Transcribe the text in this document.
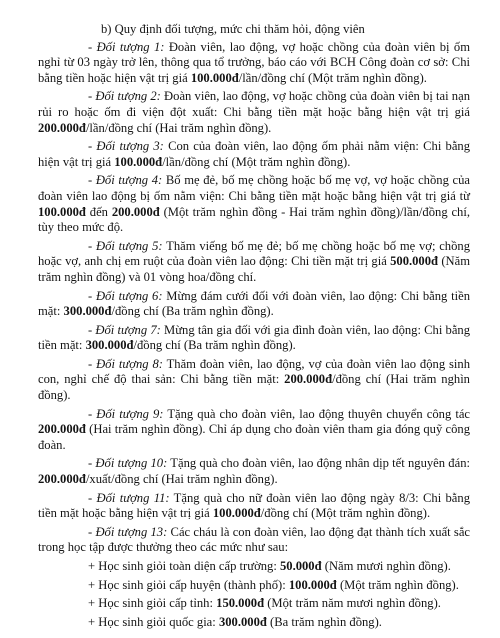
b) Quy định đối tượng, mức chi thăm hỏi, động viên

- Đối tượng 1: Đoàn viên, lao động, vợ hoặc chồng của đoàn viên bị ốm nghỉ từ 03 ngày trở lên, thông qua tổ trưởng, báo cáo với BCH Công đoàn cơ sở: Chi bằng tiền hoặc hiện vật trị giá 100.000đ/lần/đồng chí (Một trăm nghìn đồng).

- Đối tượng 2: Đoàn viên, lao động, vợ hoặc chồng của đoàn viên bị tai nạn rủi ro hoặc ốm đi viện đột xuất: Chi bằng tiền mặt hoặc bằng hiện vật trị giá 200.000đ/lần/đồng chí (Hai trăm nghìn đồng).

- Đối tượng 3: Con của đoàn viên, lao động ốm phải nằm viện: Chi bằng hiện vật trị giá 100.000đ/lần/đồng chí (Một trăm nghìn đồng).

- Đối tượng 4: Bố mẹ đẻ, bố mẹ chồng hoặc bố mẹ vợ, vợ hoặc chồng của đoàn viên lao động bị ốm nằm viện: Chi bằng tiền mặt hoặc bằng hiện vật trị giá từ 100.000đ đến 200.000đ (Một trăm nghìn đồng - Hai trăm nghìn đồng)/lần/đồng chí, tùy theo mức độ.

- Đối tượng 5: Thăm viếng bố mẹ đẻ; bố mẹ chồng hoặc bố mẹ vợ; chồng hoặc vợ, anh chị em ruột của đoàn viên lao động: Chi tiền mặt trị giá 500.000đ (Năm trăm nghìn đồng) và 01 vòng hoa/đồng chí.

- Đối tượng 6: Mừng đám cưới đối với đoàn viên, lao động: Chi bằng tiền mặt: 300.000đ/đồng chí (Ba trăm nghìn đồng).

- Đối tượng 7: Mừng tân gia đối với gia đình đoàn viên, lao động: Chi bằng tiền mặt: 300.000đ/đồng chí (Ba trăm nghìn đồng).

- Đối tượng 8: Thăm đoàn viên, lao động, vợ của đoàn viên lao động sinh con, nghỉ chế độ thai sản: Chi bằng tiền mặt: 200.000đ/đồng chí (Hai trăm nghìn đồng).

- Đối tượng 9: Tặng quà cho đoàn viên, lao động thuyên chuyển công tác 200.000đ (Hai trăm nghìn đồng). Chỉ áp dụng cho đoàn viên tham gia đóng quỹ công đoàn.

- Đối tượng 10: Tặng quà cho đoàn viên, lao động nhân dịp tết nguyên đán: 200.000đ/xuất/đồng chí (Hai trăm nghìn đồng).

- Đối tượng 11: Tặng quà cho nữ đoàn viên lao động ngày 8/3: Chi bằng tiền mặt hoặc bằng hiện vật trị giá 100.000đ/đồng chí (Một trăm nghìn đồng).

- Đối tượng 13: Các cháu là con đoàn viên, lao động đạt thành tích xuất sắc trong học tập được thưởng theo các mức như sau:

+ Học sinh giỏi toàn diện cấp trường: 50.000đ (Năm mươi nghìn đồng).

+ Học sinh giỏi cấp huyện (thành phố): 100.000đ (Một trăm nghìn đồng).

+ Học sinh giỏi cấp tỉnh: 150.000đ (Một trăm năm mươi nghìn đồng).

+ Học sinh giỏi quốc gia: 300.000đ (Ba trăm nghìn đồng).
